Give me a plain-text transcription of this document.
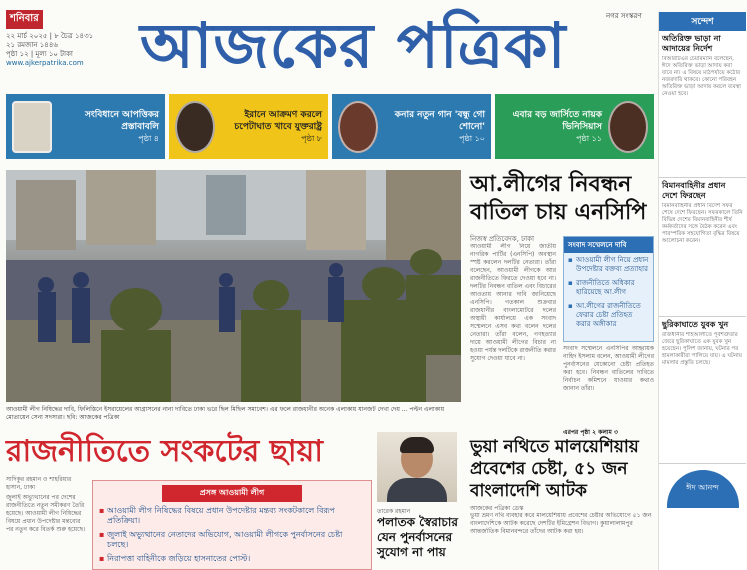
শনিবার
২২ মার্চ ২০২৫ | ৮ চৈত্র ১৪৩১
২১ রমজান ১৪৪৬
পৃষ্ঠা ১২ | মূল্য ১০ টাকা
www.ajkerpatrika.com আজকের পত্রিকা	নগর সংস্করণ
সংবিধানে আপত্তিকর প্রস্তাবাবলি
পৃষ্ঠা ৪
ইরানে আক্রমণ করলে চপেটাঘাত খাবে যুক্তরাষ্ট্র
পৃষ্ঠা ৮
কনার নতুন গান 'বন্ধু গো শোনো'
পৃষ্ঠা ১০
এবার বড় জার্সিতে নায়ক ভিনিসিয়াস
পৃষ্ঠা ১১
আওয়ামী লীগ নিষিদ্ধের দাবি, ফিলিস্তিনে ইসরায়েলের আগ্রাসনের নানা দাবিতে ঢাকা ভরে ছিল মিছিল সমাবেশ। এর ফলে রাজধানীর অনেক এলাকায় যানজট দেখা দেয় ... পল্টন এলাকায় মোতায়েন সেনা সদস্যরা। ছবি: আজকের পত্রিকা
আ.লীগের নিবন্ধন বাতিল চায় এনসিপি
নিজস্ব প্রতিবেদক, ঢাকা
আওয়ামী লীগ নিয়ে জাতীয় নাগরিক পার্টির (এনসিপি) অবস্থান স্পষ্ট করলেন দলটির নেতারা। তাঁরা বলেছেন, আওয়ামী লীগকে আর রাজনীতিতে ফিরতে দেওয়া হবে না। দলটির নিবন্ধন বাতিল এবং বিচারের আওতায় আনার দাবি জানিয়েছে এনসিপি। গতকাল শুক্রবার রাজধানীর বাংলামোটরে দলের অস্থায়ী কার্যালয়ে এক সংবাদ সম্মেলনে এসব কথা বলেন দলের নেতারা। তাঁরা বলেন, গণহত্যার দায়ে আওয়ামী লীগের বিচার না হওয়া পর্যন্ত দলটিকে রাজনীতি করার সুযোগ দেওয়া যাবে না।
সংবাদ সম্মেলনে দাবি
▪ আওয়ামী লীগ নিয়ে প্রধান উপদেষ্টার বক্তব্য প্রত্যাহার
▪ রাজনীতিতে অধিকার হারিয়েছে আ.লীগ
▪ আ.লীগের রাজনীতিতে ফেরার চেষ্টা প্রতিহত করার অঙ্গীকার
সংবাদ সম্মেলনে এনসিপির আহ্বায়ক নাহিদ ইসলাম বলেন, আওয়ামী লীগের পুনর্বাসনের যেকোনো চেষ্টা প্রতিহত করা হবে। নিবন্ধন বাতিলের দাবিতে নির্বাচন কমিশনে যাওয়ার কথাও জানান তাঁরা।
এরপর পৃষ্ঠা ২ কলাম ৩
সন্দেশ
অতিরিক্ত ভাড়া না আদায়ের নির্দেশ

বিআরটিএর চেয়ারম্যান বলেছেন, ঈদে অতিরিক্ত ভাড়া আদায় করা যাবে না। এ বিষয়ে মাঠপর্যায়ে কঠোর নজরদারি থাকবে। কোনো পরিবহন অতিরিক্ত ভাড়া আদায় করলে ব্যবস্থা নেওয়া হবে।

বিমানবাহিনীর প্রধান দেশে ফিরছেন

বিমানবাহিনীর প্রধান বিদেশ সফর শেষে দেশে ফিরছেন। সফরকালে তিনি বিভিন্ন দেশের বিমানবাহিনীর শীর্ষ কর্মকর্তাদের সঙ্গে বৈঠক করেন এবং পারস্পরিক সহযোগিতা বৃদ্ধির বিষয়ে আলোচনা করেন।

ছুরিকাঘাতে যুবক খুন

রাজধানীর শাহআলীতে পূর্বশত্রুতার জেরে ছুরিকাঘাতে এক যুবক খুন হয়েছেন। পুলিশ জানায়, ঘটনার পর হামলাকারীরা পালিয়ে যায়। এ ঘটনায় মামলার প্রস্তুতি চলছে।

ঈদ আনন্দ
রাজনীতিতে সংকটের ছায়া
সাদিকুর রহমান ও শাহরিয়ার হাসান, ঢাকা
জুলাই অভ্যুত্থানের পর দেশের রাজনীতিতে নতুন সমীকরণ তৈরি হয়েছে। আওয়ামী লীগ নিষিদ্ধের বিষয়ে প্রধান উপদেষ্টার মন্তব্যের পর নতুন করে বিতর্ক শুরু হয়েছে।
প্রসঙ্গ আওয়ামী লীগ
▪ আওয়ামী লীগ নিষিদ্ধের বিষয়ে প্রধান উপদেষ্টার মন্তব্য সংকটকালে বিরূপ প্রতিক্রিয়া।
▪ জুলাই অভ্যুত্থানের নেতাদের অভিযোগ, আওয়ামী লীগকে পুনর্বাসনের চেষ্টা চলছে।
▪ নিরাপত্তা বাহিনীকে জড়িয়ে হাসনাতের পোস্ট।
তারেক রহমান
পলাতক স্বৈরাচার যেন পুনর্বাসনের সুযোগ না পায়
ভুয়া নথিতে মালয়েশিয়ায় প্রবেশের চেষ্টা, ৫১ জন বাংলাদেশি আটক
আজকের পত্রিকা ডেস্ক
ভুয়া ভ্রমণ নথি ব্যবহার করে মালয়েশিয়ায় প্রবেশের চেষ্টার অভিযোগে ৫১ জন বাংলাদেশিকে আটক করেছে দেশটির ইমিগ্রেশন বিভাগ। কুয়ালালামপুর আন্তর্জাতিক বিমানবন্দরে তাঁদের আটক করা হয়।
